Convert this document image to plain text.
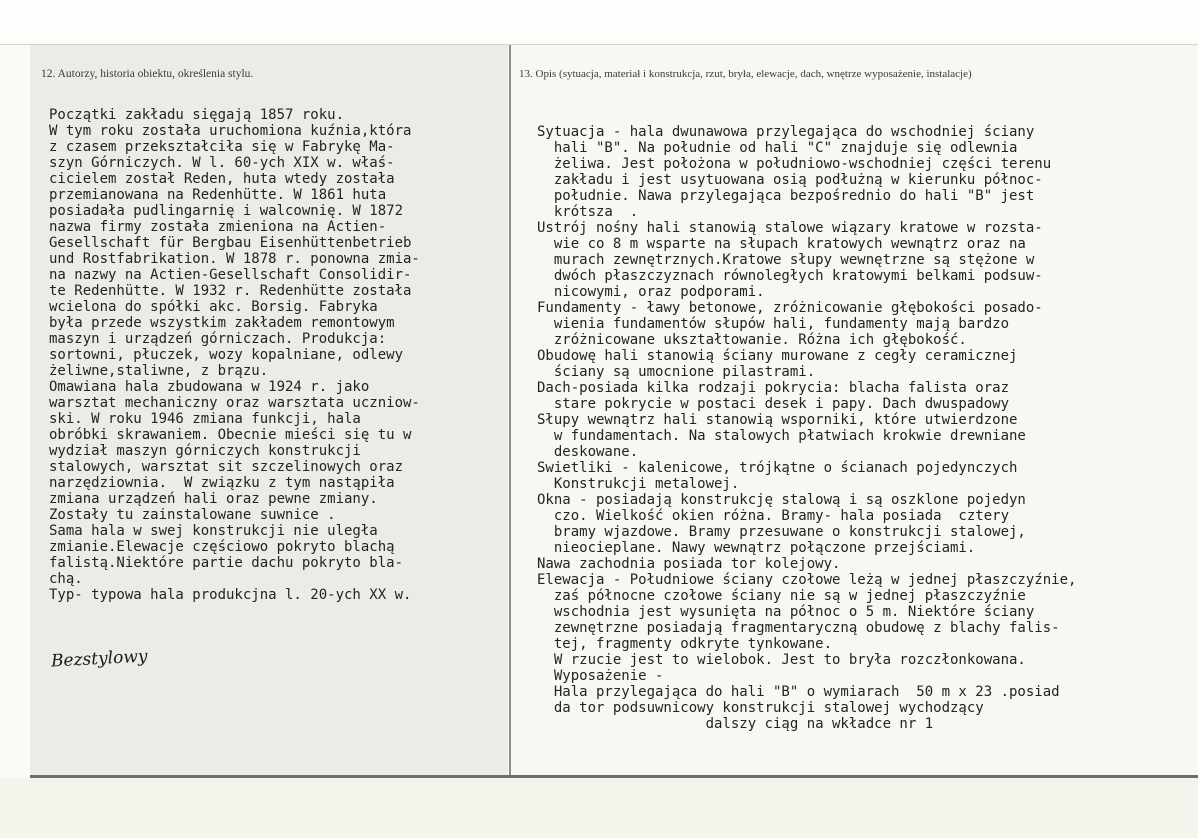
12. Autorzy, historia obiektu, określenia stylu.	13. Opis (sytuacja, materiał i konstrukcja, rzut, bryła, elewacje, dach, wnętrze wyposażenie, instalacje)
Początki zakładu sięgają 1857 roku.
W tym roku została uruchomiona kuźnia,która
z czasem przekształciła się w Fabrykę Ma-
szyn Górniczych. W l. 60-ych XIX w. właś-
cicielem został Reden, huta wtedy została
przemianowana na Redenhütte. W 1861 huta
posiadała pudlingarnię i walcownię. W 1872
nazwa firmy została zmieniona na Actien-
Gesellschaft für Bergbau Eisenhüttenbetrieb
und Rostfabrikation. W 1878 r. ponowna zmia-
na nazwy na Actien-Gesellschaft Consolidir-
te Redenhütte. W 1932 r. Redenhütte została
wcielona do spółki akc. Borsig. Fabryka
była przede wszystkim zakładem remontowym
maszyn i urządzeń górniczach. Produkcja:
sortowni, płuczek, wozy kopalniane, odlewy
żeliwne,staliwne, z brązu.
Omawiana hala zbudowana w 1924 r. jako
warsztat mechaniczny oraz warsztata uczniow-
ski. W roku 1946 zmiana funkcji, hala
obróbki skrawaniem. Obecnie mieści się tu w
wydział maszyn górniczych konstrukcji
stalowych, warsztat sit szczelinowych oraz
narzędziownia.  W związku z tym nastąpiła
zmiana urządzeń hali oraz pewne zmiany.
Zostały tu zainstalowane suwnice .
Sama hala w swej konstrukcji nie uległa
zmianie.Elewacje częściowo pokryto blachą
falistą.Niektóre partie dachu pokryto bla-
chą.
Typ- typowa hala produkcjna l. 20-ych XX w.
Bezstylowy
Sytuacja - hala dwunawowa przylegająca do wschodniej ściany
hali "B". Na południe od hali "C" znajduje się odlewnia
żeliwa. Jest położona w południowo-wschodniej części terenu
zakładu i jest usytuowana osią podłużną w kierunku północ-
południe. Nawa przylegająca bezpośrednio do hali "B" jest
krótsza  .
Ustrój nośny hali stanowią stalowe wiązary kratowe w rozsta-
wie co 8 m wsparte na słupach kratowych wewnątrz oraz na
murach zewnętrznych.Kratowe słupy wewnętrzne są stężone w
dwóch płaszczyznach równoległych kratowymi belkami podsuw-
nicowymi, oraz podporami.
Fundamenty - ławy betonowe, zróżnicowanie głębokości posado-
wienia fundamentów słupów hali, fundamenty mają bardzo
zróżnicowane ukształtowanie. Różna ich głębokość.
Obudowę hali stanowią ściany murowane z cegły ceramicznej
ściany są umocnione pilastrami.
Dach-posiada kilka rodzaji pokrycia: blacha falista oraz
stare pokrycie w postaci desek i papy. Dach dwuspadowy
Słupy wewnątrz hali stanowią wsporniki, które utwierdzone
w fundamentach. Na stalowych płatwiach krokwie drewniane
deskowane.
Swietliki - kalenicowe, trójkątne o ścianach pojedynczych
Konstrukcji metalowej.
Okna - posiadają konstrukcję stalową i są oszklone pojedyn
czo. Wielkość okien różna. Bramy- hala posiada  cztery
bramy wjazdowe. Bramy przesuwane o konstrukcji stalowej,
nieocieplane. Nawy wewnątrz połączone przejściami.
Nawa zachodnia posiada tor kolejowy.
Elewacja - Południowe ściany czołowe leżą w jednej płaszczyźnie,
zaś północne czołowe ściany nie są w jednej płaszczyźnie
wschodnia jest wysunięta na północ o 5 m. Niektóre ściany
zewnętrzne posiadają fragmentaryczną obudowę z blachy falis-
tej, fragmenty odkryte tynkowane.
W rzucie jest to wielobok. Jest to bryła rozczłonkowana.
Wyposażenie -
Hala przylegająca do hali "B" o wymiarach  50 m x 23 .posiad
da tor podsuwnicowy konstrukcji stalowej wychodzący
dalszy ciąg na wkładce nr 1
